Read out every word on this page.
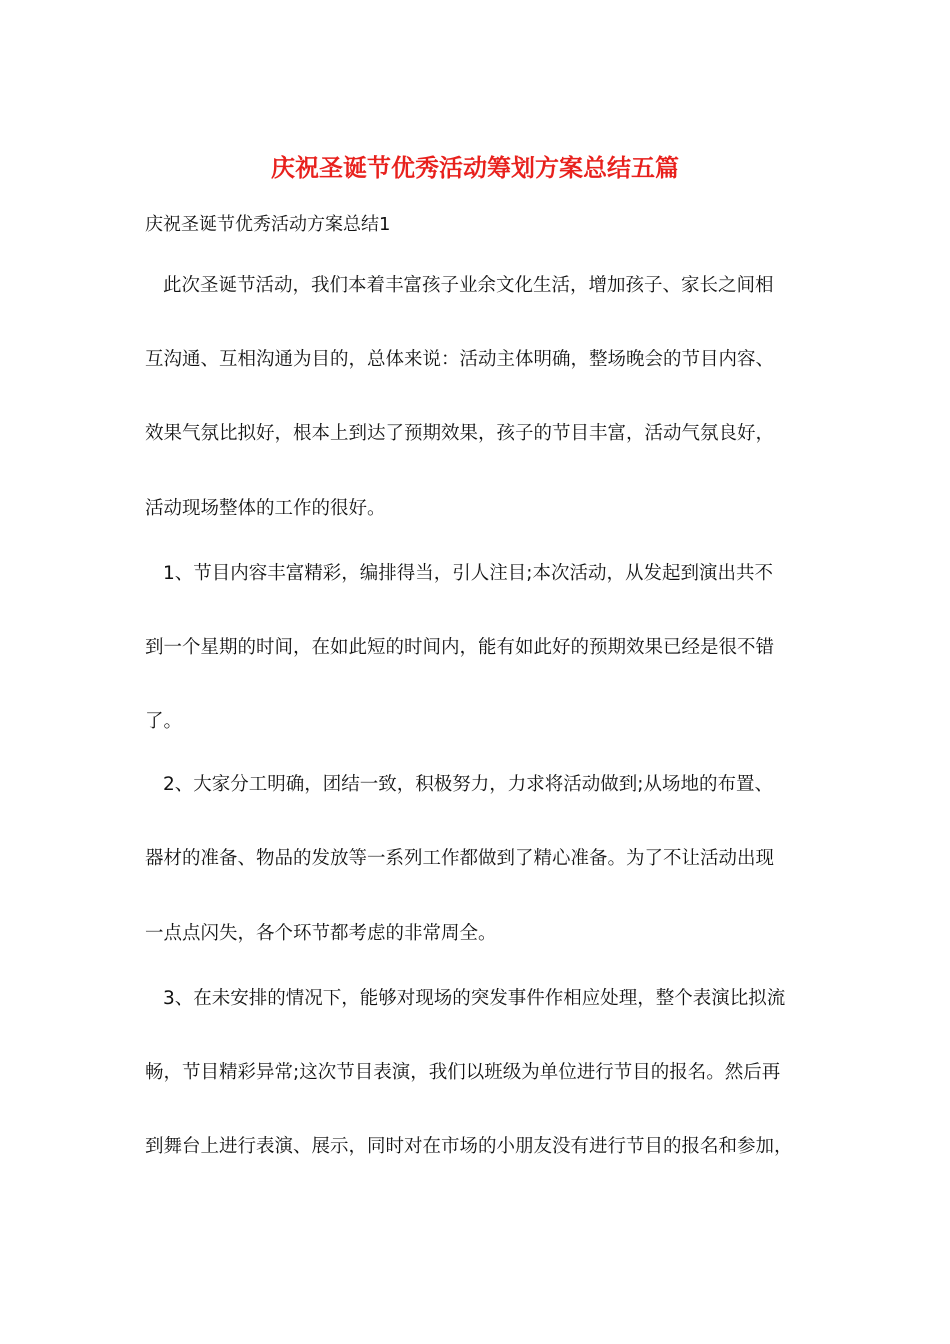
庆祝圣诞节优秀活动筹划方案总结五篇
庆祝圣诞节优秀活动方案总结1
此次圣诞节活动，我们本着丰富孩子业余文化生活，增加孩子、家长之间相
互沟通、互相沟通为目的，总体来说：活动主体明确，整场晚会的节目内容、
效果气氛比拟好，根本上到达了预期效果，孩子的节目丰富，活动气氛良好，
活动现场整体的工作的很好。
1、节目内容丰富精彩，编排得当，引人注目;本次活动，从发起到演出共不
到一个星期的时间，在如此短的时间内，能有如此好的预期效果已经是很不错
了。
2、大家分工明确，团结一致，积极努力，力求将活动做到;从场地的布置、
器材的准备、物品的发放等一系列工作都做到了精心准备。为了不让活动出现
一点点闪失，各个环节都考虑的非常周全。
3、在未安排的情况下，能够对现场的突发事件作相应处理，整个表演比拟流
畅，节目精彩异常;这次节目表演，我们以班级为单位进行节目的报名。然后再
到舞台上进行表演、展示，同时对在市场的小朋友没有进行节目的报名和参加，
